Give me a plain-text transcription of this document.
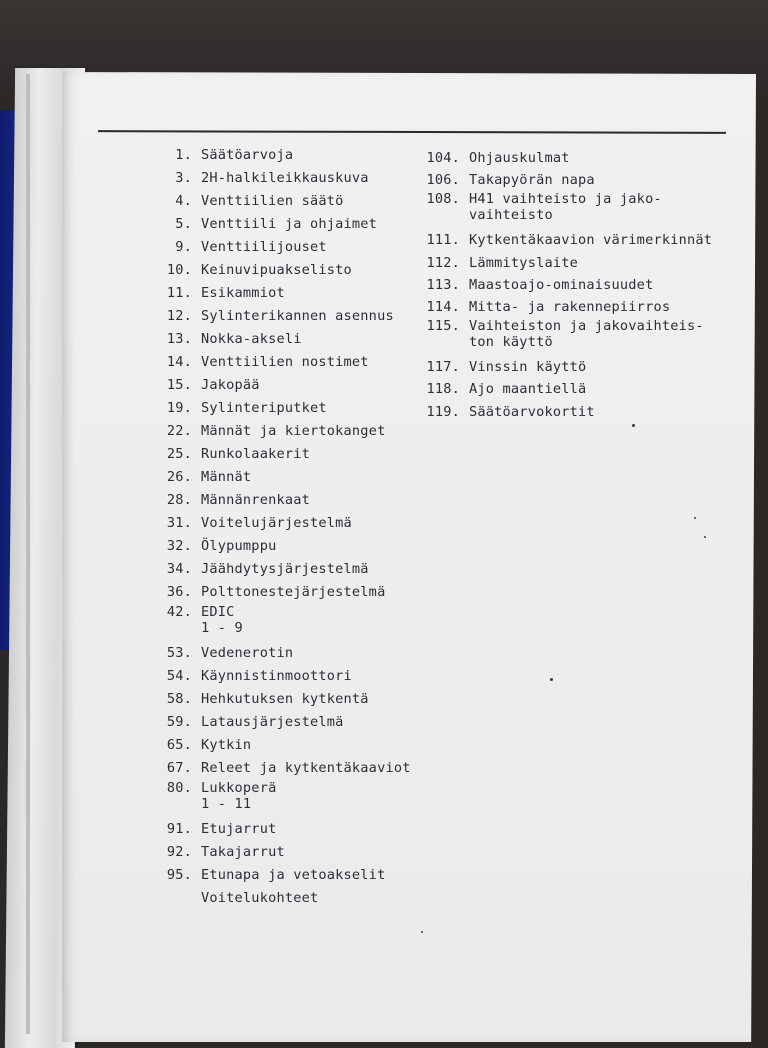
1. Säätöarvoja
3. 2H-halkileikkauskuva
4. Venttiilien säätö
5. Venttiili ja ohjaimet
9. Venttiilijouset
10. Keinuvipuakselisto
11. Esikammiot
12. Sylinterikannen asennus
13. Nokka-akseli
14. Venttiilien nostimet
15. Jakopää
19. Sylinteriputket
22. Männät ja kiertokanget
25. Runkolaakerit
26. Männät
28. Männänrenkaat
31. Voitelujärjestelmä
32. Ölypumppu
34. Jäähdytysjärjestelmä
36. Polttonestejärjestelmä
42. EDIC
1 - 9
53. Vedenerotin
54. Käynnistinmoottori
58. Hehkutuksen kytkentä
59. Latausjärjestelmä
65. Kytkin
67. Releet ja kytkentäkaaviot
80. Lukkoperä
1 - 11
91. Etujarrut
92. Takajarrut
95. Etunapa ja vetoakselit
Voitelukohteet
104. Ohjauskulmat
106. Takapyörän napa
108. H41 vaihteisto ja jako-
vaihteisto
111. Kytkentäkaavion värimerkinnät
112. Lämmityslaite
113. Maastoajo-ominaisuudet
114. Mitta- ja rakennepiirros
115. Vaihteiston ja jakovaihteis-
ton käyttö
117. Vinssin käyttö
118. Ajo maantiellä
119. Säätöarvokortit
